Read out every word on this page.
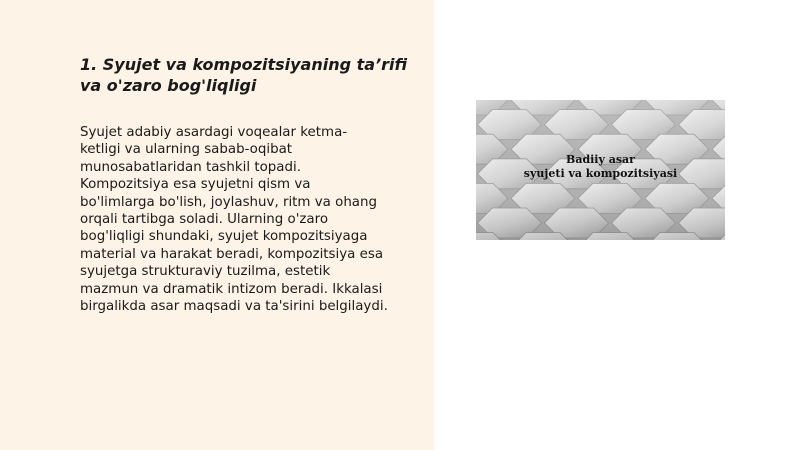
1. Syujet va kompozitsiyaning ta’rifi
va o'zaro bog'liqligi
Syujet adabiy asardagi voqealar ketma-
ketligi va ularning sabab-oqibat
munosabatlaridan tashkil topadi.
Kompozitsiya esa syujetni qism va
bo'limlarga bo'lish, joylashuv, ritm va ohang
orqali tartibga soladi. Ularning o'zaro
bog'liqligi shundaki, syujet kompozitsiyaga
material va harakat beradi, kompozitsiya esa
syujetga strukturaviy tuzilma, estetik
mazmun va dramatik intizom beradi. Ikkalasi
birgalikda asar maqsadi va ta'sirini belgilaydi.
Badiiy asar
syujeti va kompozitsiyasi
